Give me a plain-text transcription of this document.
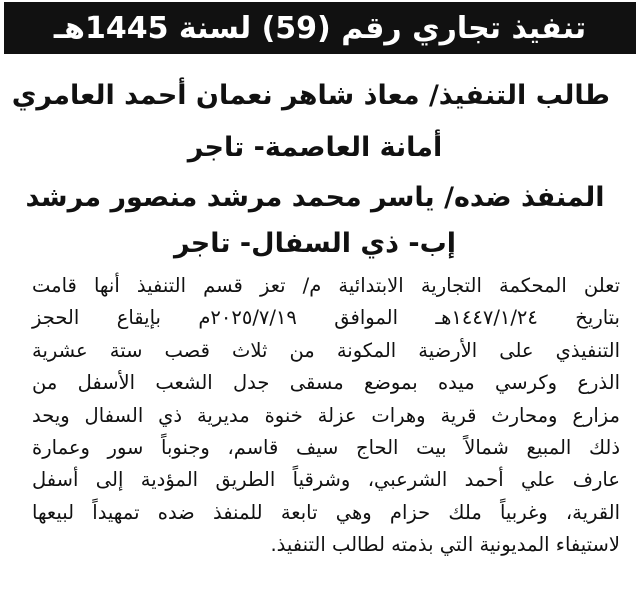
تنفيذ تجاري رقم (59) لسنة 1445هـ
طالب التنفيذ/ معاذ شاهر نعمان أحمد العامري
أمانة العاصمة- تاجر
المنفذ ضده/ ياسر محمد مرشد منصور مرشد
إب- ذي السفال- تاجر
تعلن المحكمة التجارية الابتدائية م/ تعز قسم التنفيذ أنها قامت
بتاريخ ١٤٤٧/١/٢٤هـ الموافق ٢٠٢٥/٧/١٩م بإيقاع الحجز
التنفيذي على الأرضية المكونة من ثلاث قصب ستة عشرية
الذرع وكرسي ميده بموضع مسقى جدل الشعب الأسفل من
مزارع ومحارث قرية وهرات عزلة خنوة مديرية ذي السفال ويحد
ذلك المبيع شمالاً بيت الحاج سيف قاسم، وجنوباً سور وعمارة
عارف علي أحمد الشرعبي، وشرقياً الطريق المؤدية إلى أسفل
القرية، وغربياً ملك حزام وهي تابعة للمنفذ ضده تمهيداً لبيعها
لاستيفاء المديونية التي بذمته لطالب التنفيذ.
